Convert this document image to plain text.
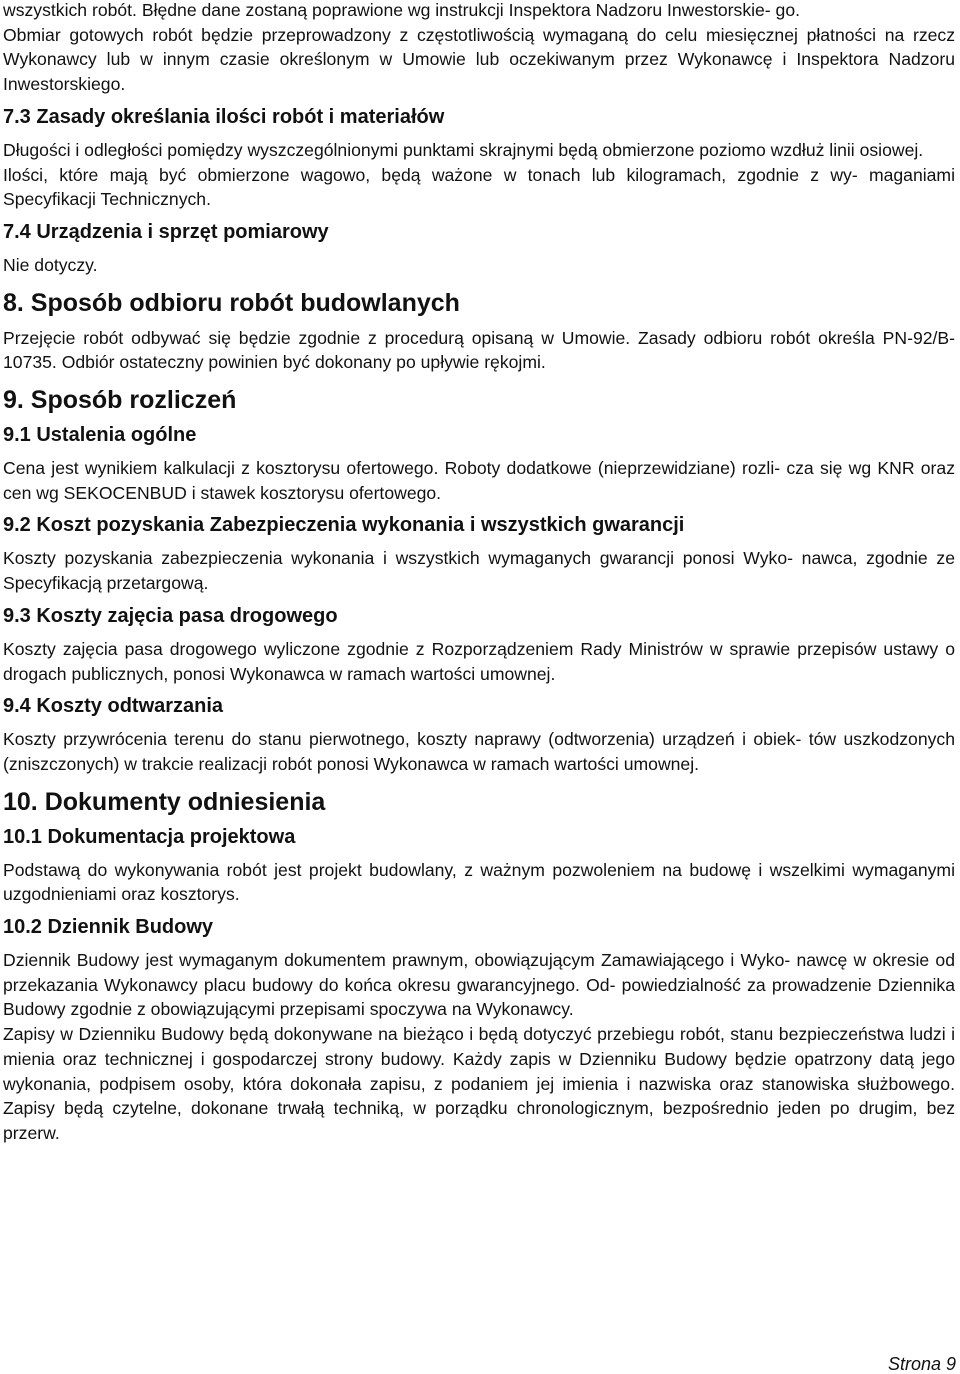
wszystkich robót. Błędne dane zostaną poprawione wg instrukcji Inspektora Nadzoru Inwestorskie- go.

Obmiar gotowych robót będzie przeprowadzony z częstotliwością wymaganą do celu miesięcznej płatności na rzecz Wykonawcy lub w innym czasie określonym w Umowie lub oczekiwanym przez Wykonawcę i Inspektora Nadzoru Inwestorskiego.

7.3 Zasady określania ilości robót i materiałów

Długości i odległości pomiędzy wyszczególnionymi punktami skrajnymi będą obmierzone poziomo wzdłuż linii osiowej.

Ilości, które mają być obmierzone wagowo, będą ważone w tonach lub kilogramach, zgodnie z wy- maganiami Specyfikacji Technicznych.

7.4 Urządzenia i sprzęt pomiarowy

Nie dotyczy.

8. Sposób odbioru robót budowlanych

Przejęcie robót odbywać się będzie zgodnie z procedurą opisaną w Umowie. Zasady odbioru robót określa PN-92/B-10735. Odbiór ostateczny powinien być dokonany po upływie rękojmi.

9. Sposób rozliczeń
9.1 Ustalenia ogólne

Cena jest wynikiem kalkulacji z kosztorysu ofertowego. Roboty dodatkowe (nieprzewidziane) rozli- cza się wg KNR oraz cen wg SEKOCENBUD i stawek kosztorysu ofertowego.

9.2 Koszt pozyskania Zabezpieczenia wykonania i wszystkich gwarancji

Koszty pozyskania zabezpieczenia wykonania i wszystkich wymaganych gwarancji ponosi Wyko- nawca, zgodnie ze Specyfikacją przetargową.

9.3 Koszty zajęcia pasa drogowego

Koszty zajęcia pasa drogowego wyliczone zgodnie z Rozporządzeniem Rady Ministrów w sprawie przepisów ustawy o drogach publicznych, ponosi Wykonawca w ramach wartości umownej.

9.4 Koszty odtwarzania

Koszty przywrócenia terenu do stanu pierwotnego, koszty naprawy (odtworzenia) urządzeń i obiek- tów uszkodzonych (zniszczonych) w trakcie realizacji robót ponosi Wykonawca w ramach wartości umownej.

10. Dokumenty odniesienia
10.1 Dokumentacja projektowa

Podstawą do wykonywania robót jest projekt budowlany, z ważnym pozwoleniem na budowę i wszelkimi wymaganymi uzgodnieniami oraz kosztorys.

10.2 Dziennik Budowy

Dziennik Budowy jest wymaganym dokumentem prawnym, obowiązującym Zamawiającego i Wyko- nawcę w okresie od przekazania Wykonawcy placu budowy do końca okresu gwarancyjnego. Od- powiedzialność za prowadzenie Dziennika Budowy zgodnie z obowiązującymi przepisami spoczywa na Wykonawcy.

Zapisy w Dzienniku Budowy będą dokonywane na bieżąco i będą dotyczyć przebiegu robót, stanu bezpieczeństwa ludzi i mienia oraz technicznej i gospodarczej strony budowy. Każdy zapis w Dzienniku Budowy będzie opatrzony datą jego wykonania, podpisem osoby, która dokonała zapisu, z podaniem jej imienia i nazwiska oraz stanowiska służbowego. Zapisy będą czytelne, dokonane trwałą techniką, w porządku chronologicznym, bezpośrednio jeden po drugim, bez przerw.

Strona 9
